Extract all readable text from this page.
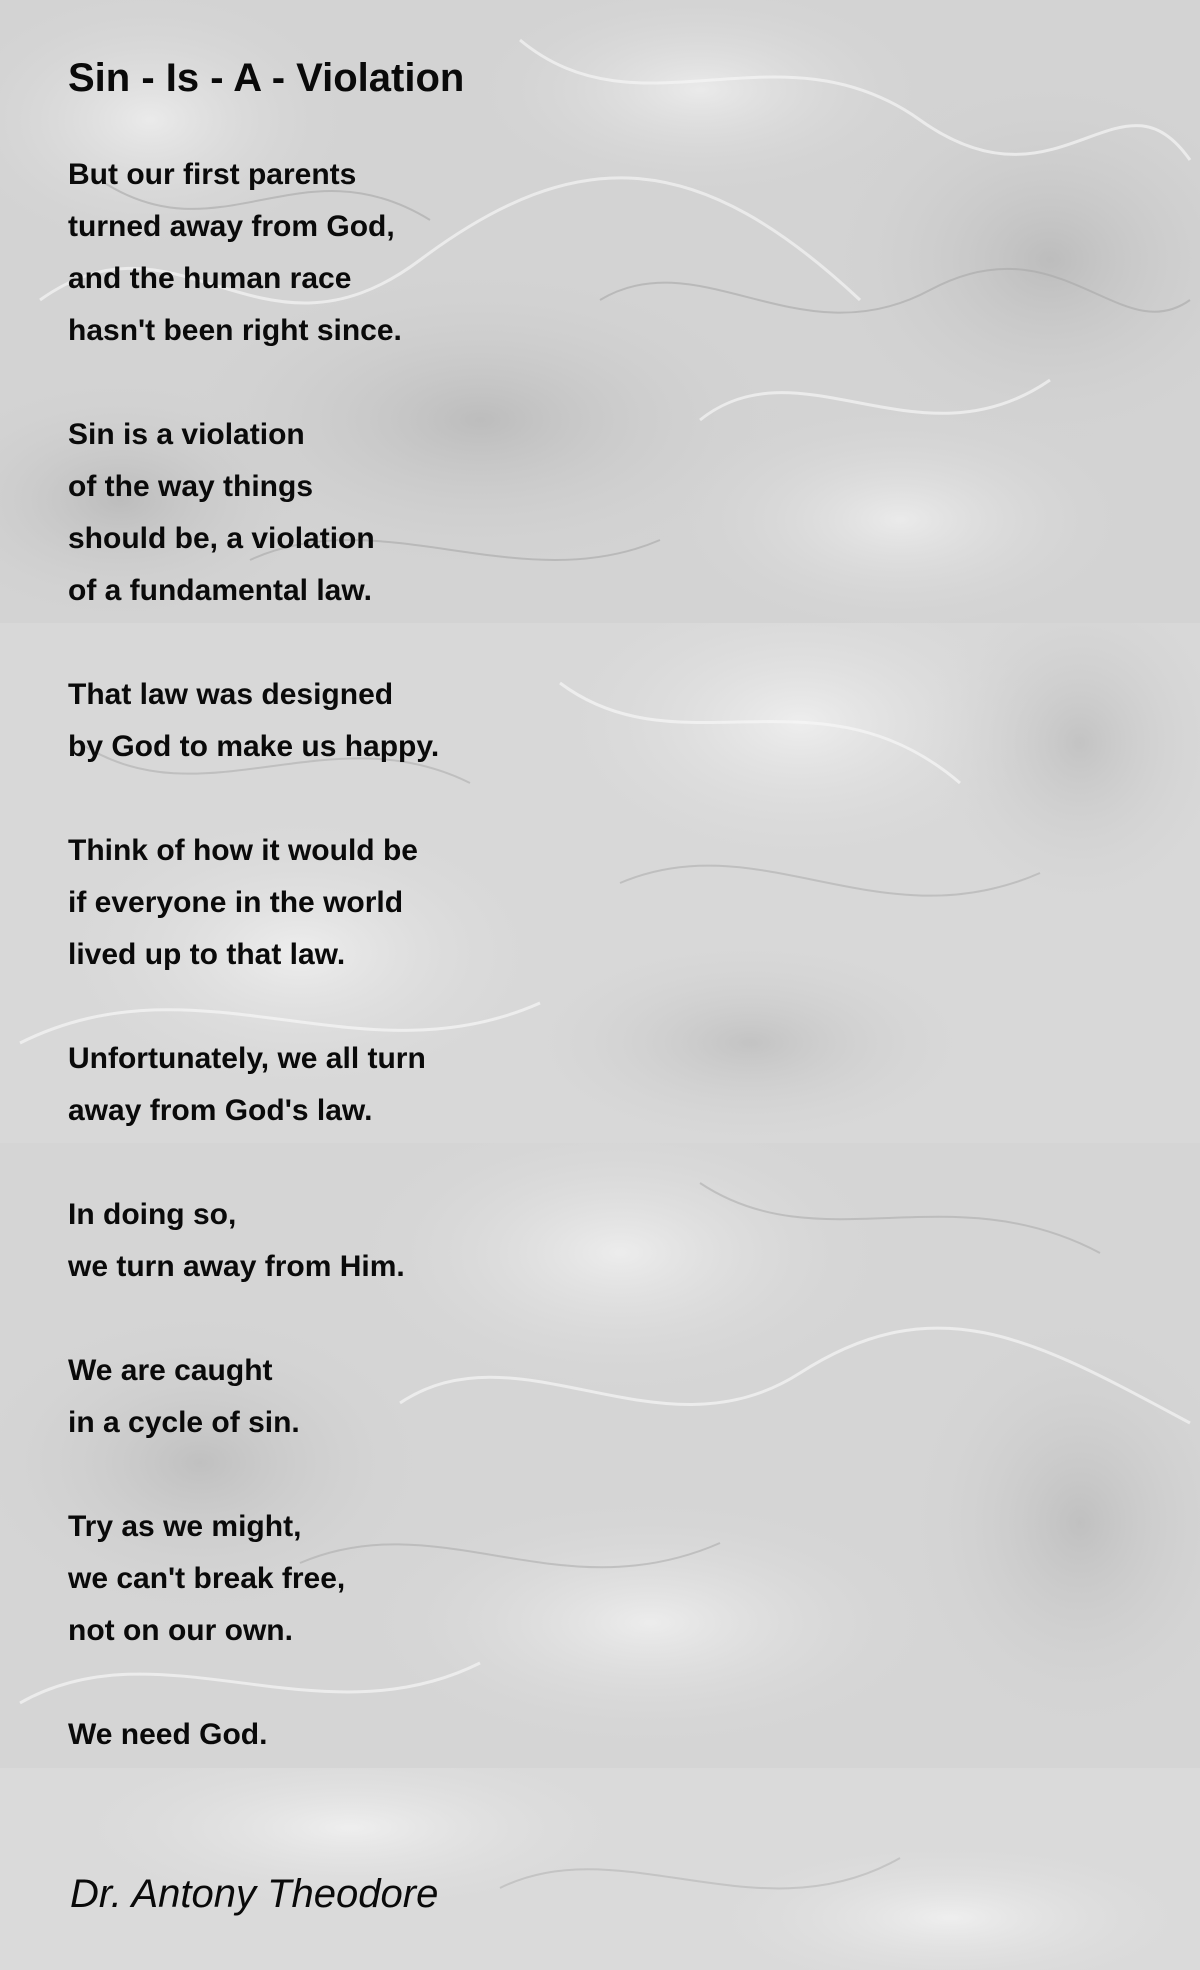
Sin - Is - A - Violation

But our first parents
turned away from God,
and the human race
hasn't been right since.

Sin is a violation
of the way things
should be, a violation
of a fundamental law.

That law was designed
by God to make us happy.

Think of how it would be
if everyone in the world
lived up to that law.

Unfortunately, we all turn
away from God's law.

In doing so,
we turn away from Him.

We are caught
in a cycle of sin.

Try as we might,
we can't break free,
not on our own.

We need God.

Dr. Antony Theodore
